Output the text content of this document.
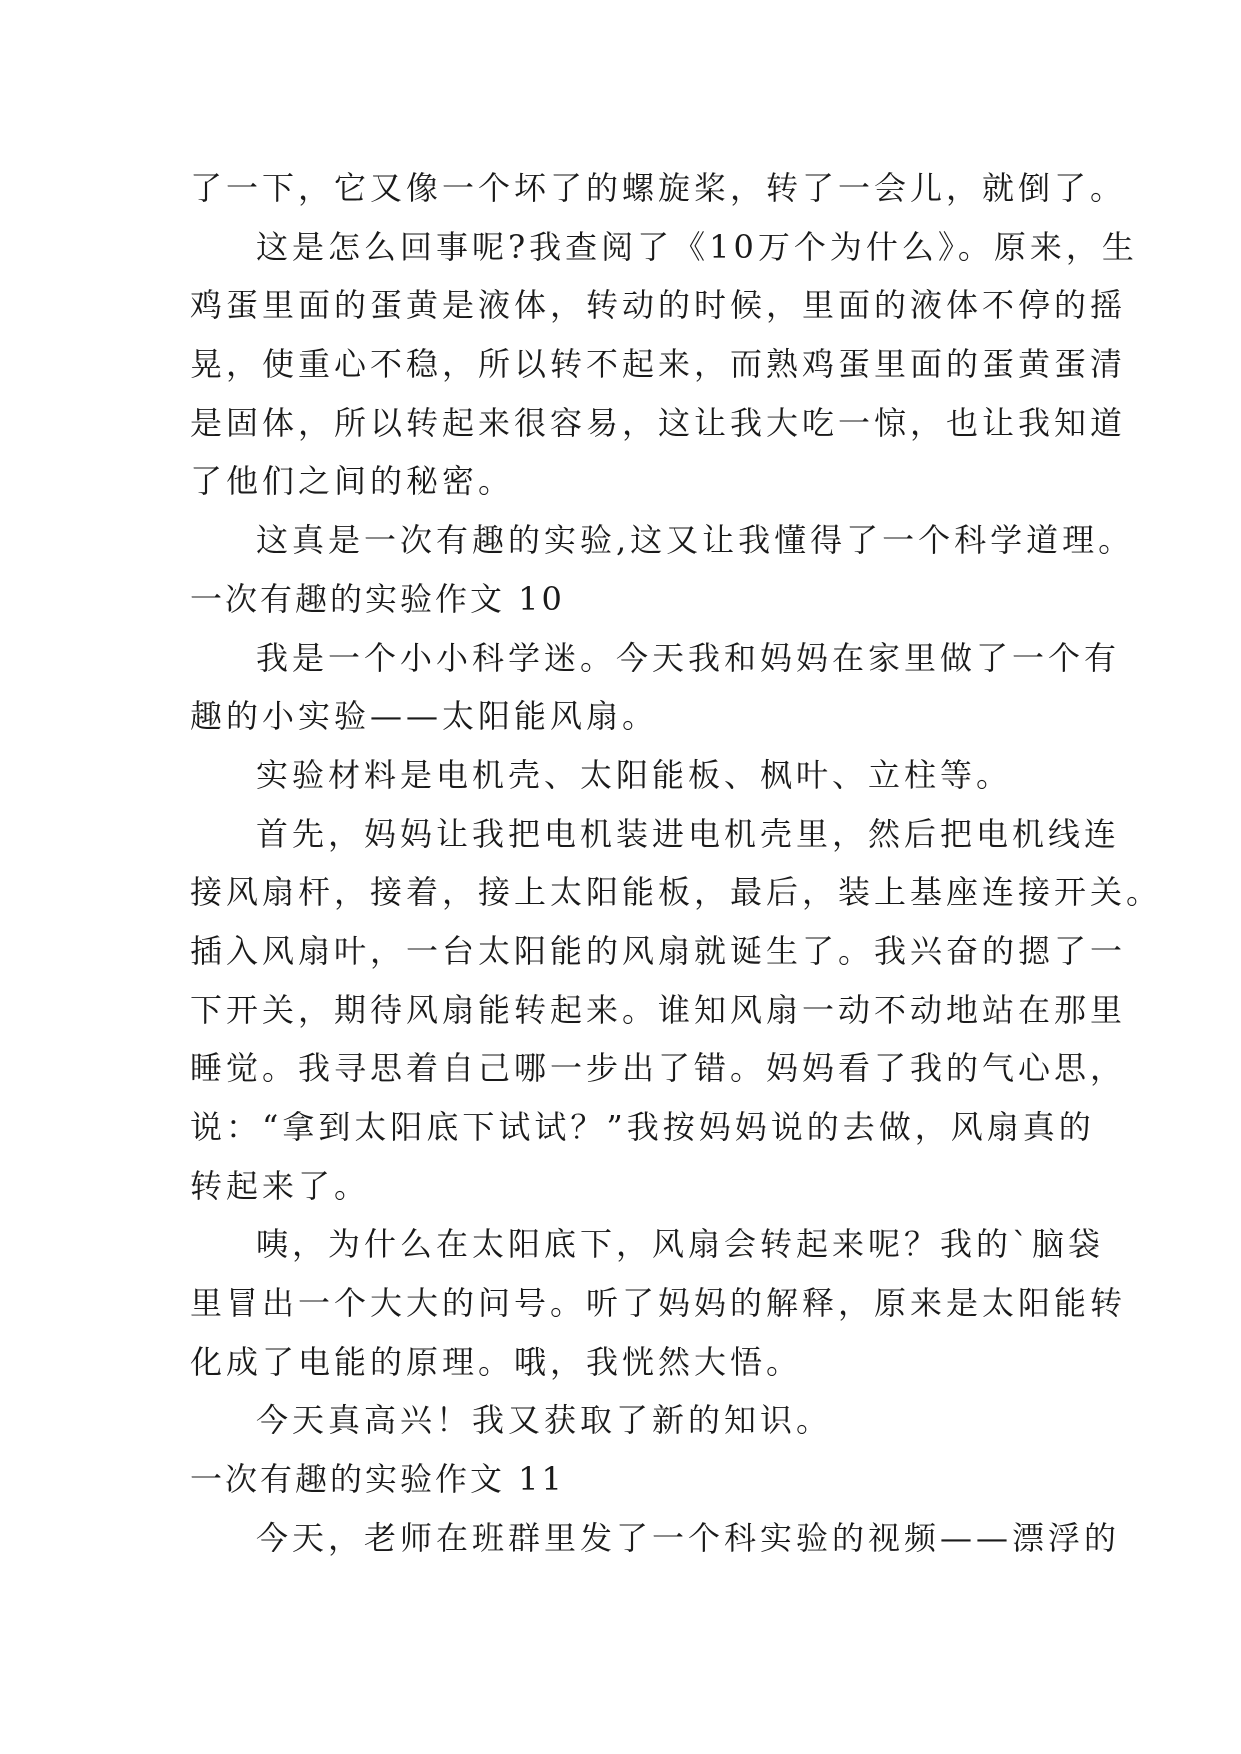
了一下，它又像一个坏了的螺旋桨，转了一会儿，就倒了。
这是怎么回事呢?我查阅了《10万个为什么》。原来，生
鸡蛋里面的蛋黄是液体，转动的时候，里面的液体不停的摇
晃，使重心不稳，所以转不起来，而熟鸡蛋里面的蛋黄蛋清
是固体，所以转起来很容易，这让我大吃一惊，也让我知道
了他们之间的秘密。
这真是一次有趣的实验,这又让我懂得了一个科学道理。
一次有趣的实验作文 10
我是一个小小科学迷。今天我和妈妈在家里做了一个有
趣的小实验——太阳能风扇。
实验材料是电机壳、太阳能板、枫叶、立柱等。
首先，妈妈让我把电机装进电机壳里，然后把电机线连
接风扇杆，接着，接上太阳能板，最后，装上基座连接开关。
插入风扇叶，一台太阳能的风扇就诞生了。我兴奋的摁了一
下开关，期待风扇能转起来。谁知风扇一动不动地站在那里
睡觉。我寻思着自己哪一步出了错。妈妈看了我的气心思，
说：“拿到太阳底下试试？”我按妈妈说的去做，风扇真的
转起来了。
咦，为什么在太阳底下，风扇会转起来呢？我的`脑袋
里冒出一个大大的问号。听了妈妈的解释，原来是太阳能转
化成了电能的原理。哦，我恍然大悟。
今天真高兴！我又获取了新的知识。
一次有趣的实验作文 11
今天，老师在班群里发了一个科实验的视频——漂浮的
